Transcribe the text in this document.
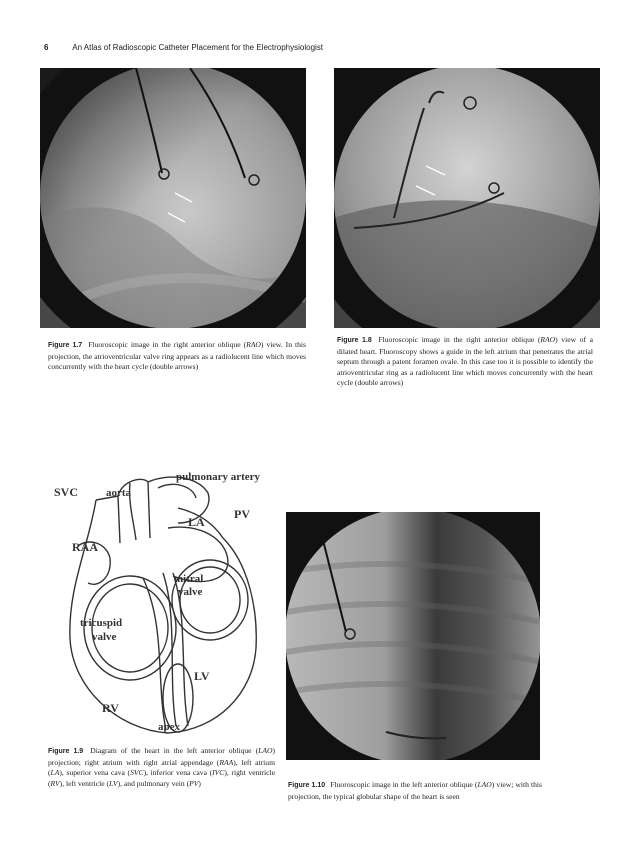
6	An Atlas of Radioscopic Catheter Placement for the Electrophysiologist
Figure 1.7 Fluoroscopic image in the right anterior oblique (RAO) view. In this projection, the atrioventricular valve ring appears as a radiolucent line which moves concurrently with the heart cycle (double arrows)
Figure 1.8 Fluoroscopic image in the right anterior oblique (RAO) view of a dilated heart. Fluoroscopy shows a guide in the left atrium that penetrates the atrial septum through a patent foramen ovale. In this case too it is possible to identify the atrioventricular ring as a radiolucent line which moves concurrently with the heart cycle (double arrows)
SVC	aorta
pulmonary artery
LA
PV
RAA
mitral
valve
tricuspid
valve
LV
RV
apex
Figure 1.9 Diagram of the heart in the left anterior oblique (LAO) projection; right atrium with right atrial appendage (RAA), left atrium (LA), superior vena cava (SVC), inferior vena cava (IVC), right ventricle (RV), left ventricle (LV), and pulmonary vein (PV)	Figure 1.10 Fluoroscopic image in the left anterior oblique (LAO) view; with this projection, the typical globular shape of the heart is seen
